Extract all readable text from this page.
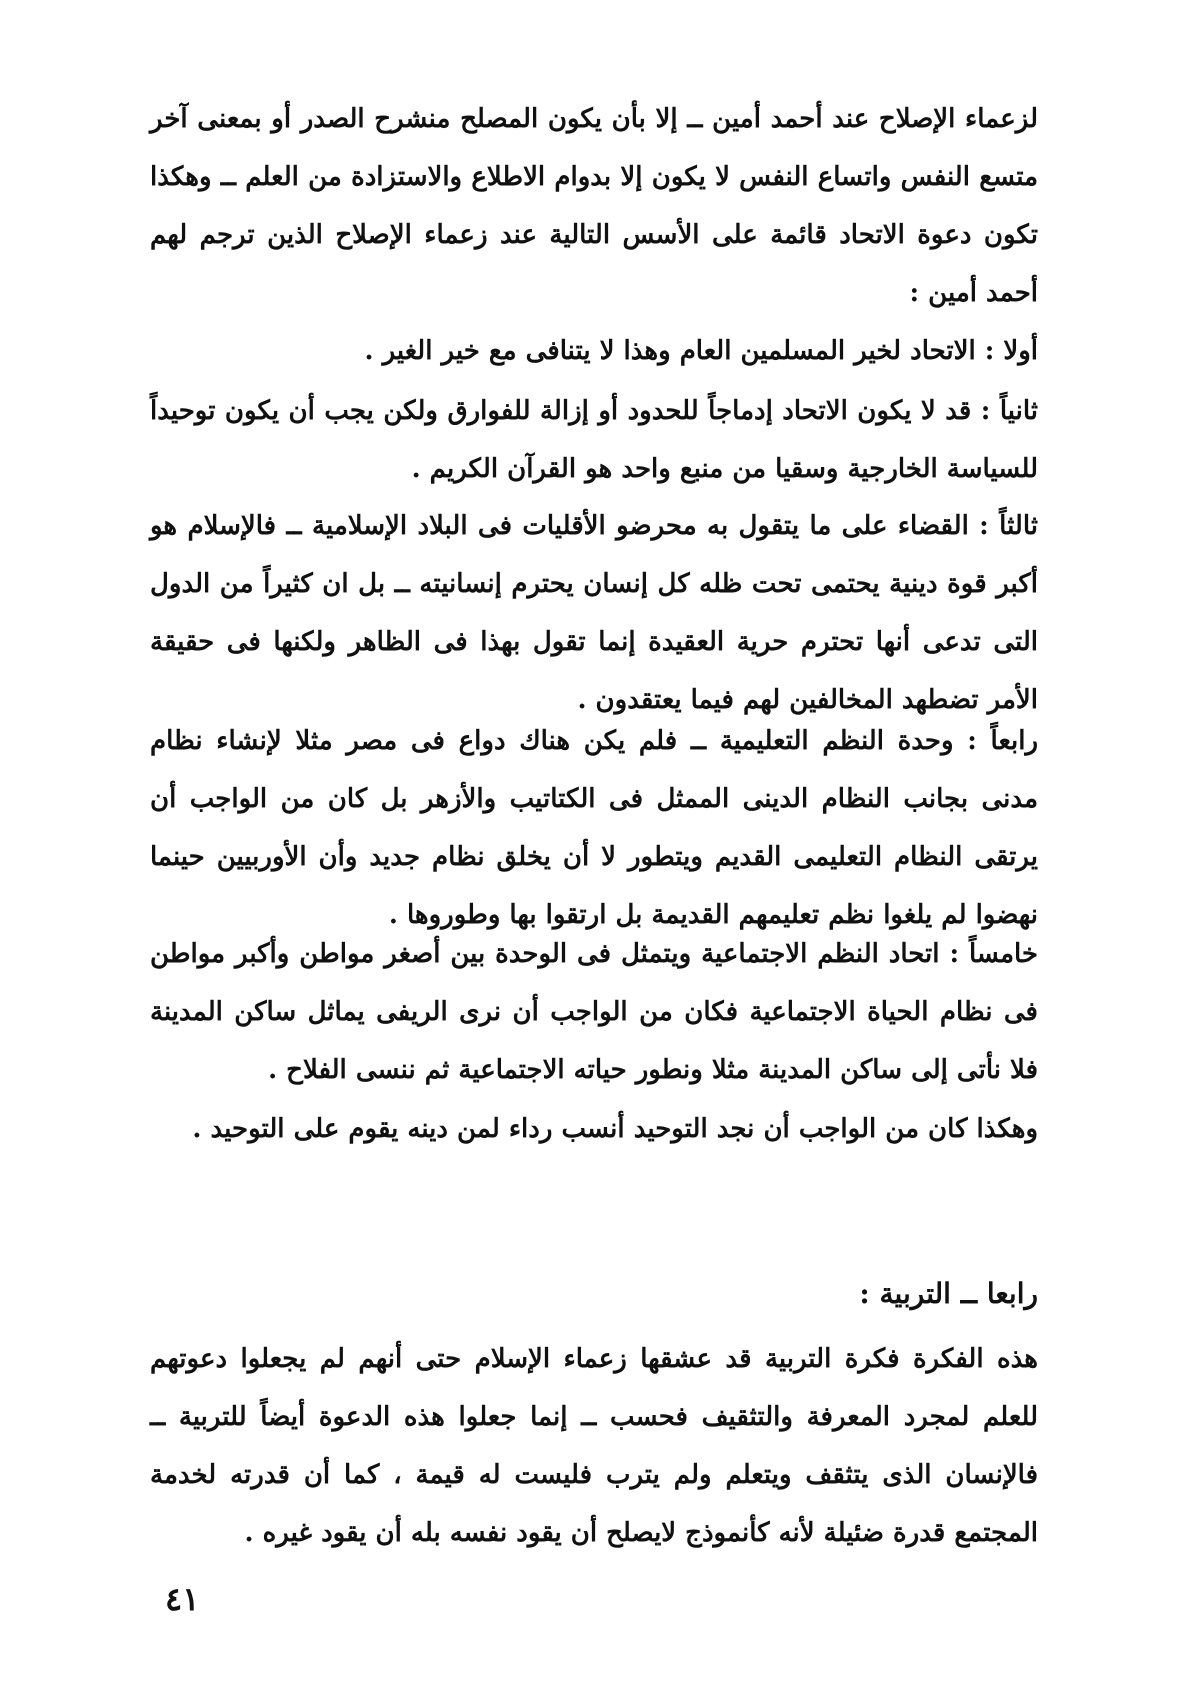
لزعماء الإصلاح عند أحمد أمين ــ إلا بأن يكون المصلح منشرح الصدر أو بمعنى آخر متسع النفس واتساع النفس لا يكون إلا بدوام الاطلاع والاستزادة من العلم ــ وهكذا تكون دعوة الاتحاد قائمة على الأسس التالية عند زعماء الإصلاح الذين ترجم لهم أحمد أمين :

أولا : الاتحاد لخير المسلمين العام وهذا لا يتنافى مع خير الغير .

ثانياً : قد لا يكون الاتحاد إدماجاً للحدود أو إزالة للفوارق ولكن يجب أن يكون توحيداً للسياسة الخارجية وسقيا من منبع واحد هو القرآن الكريم .

ثالثاً : القضاء على ما يتقول به محرضو الأقليات فى البلاد الإسلامية ــ فالإسلام هو أكبر قوة دينية يحتمى تحت ظله كل إنسان يحترم إنسانيته ــ بل ان كثيراً من الدول التى تدعى أنها تحترم حرية العقيدة إنما تقول بهذا فى الظاهر ولكنها فى حقيقة الأمر تضطهد المخالفين لهم فيما يعتقدون .

رابعاً : وحدة النظم التعليمية ــ فلم يكن هناك دواع فى مصر مثلا لإنشاء نظام مدنى بجانب النظام الدينى الممثل فى الكتاتيب والأزهر بل كان من الواجب أن يرتقى النظام التعليمى القديم ويتطور لا أن يخلق نظام جديد وأن الأوربيين حينما نهضوا لم يلغوا نظم تعليمهم القديمة بل ارتقوا بها وطوروها .

خامساً : اتحاد النظم الاجتماعية ويتمثل فى الوحدة بين أصغر مواطن وأكبر مواطن فى نظام الحياة الاجتماعية فكان من الواجب أن نرى الريفى يماثل ساكن المدينة فلا نأتى إلى ساكن المدينة مثلا ونطور حياته الاجتماعية ثم ننسى الفلاح .

وهكذا كان من الواجب أن نجد التوحيد أنسب رداء لمن دينه يقوم على التوحيد .

رابعا ــ التربية :

هذه الفكرة فكرة التربية قد عشقها زعماء الإسلام حتى أنهم لم يجعلوا دعوتهم للعلم لمجرد المعرفة والتثقيف فحسب ــ إنما جعلوا هذه الدعوة أيضاً للتربية ــ فالإنسان الذى يتثقف ويتعلم ولم يترب فليست له قيمة ، كما أن قدرته لخدمة المجتمع قدرة ضئيلة لأنه كأنموذج لايصلح أن يقود نفسه بله أن يقود غيره .

٤١
